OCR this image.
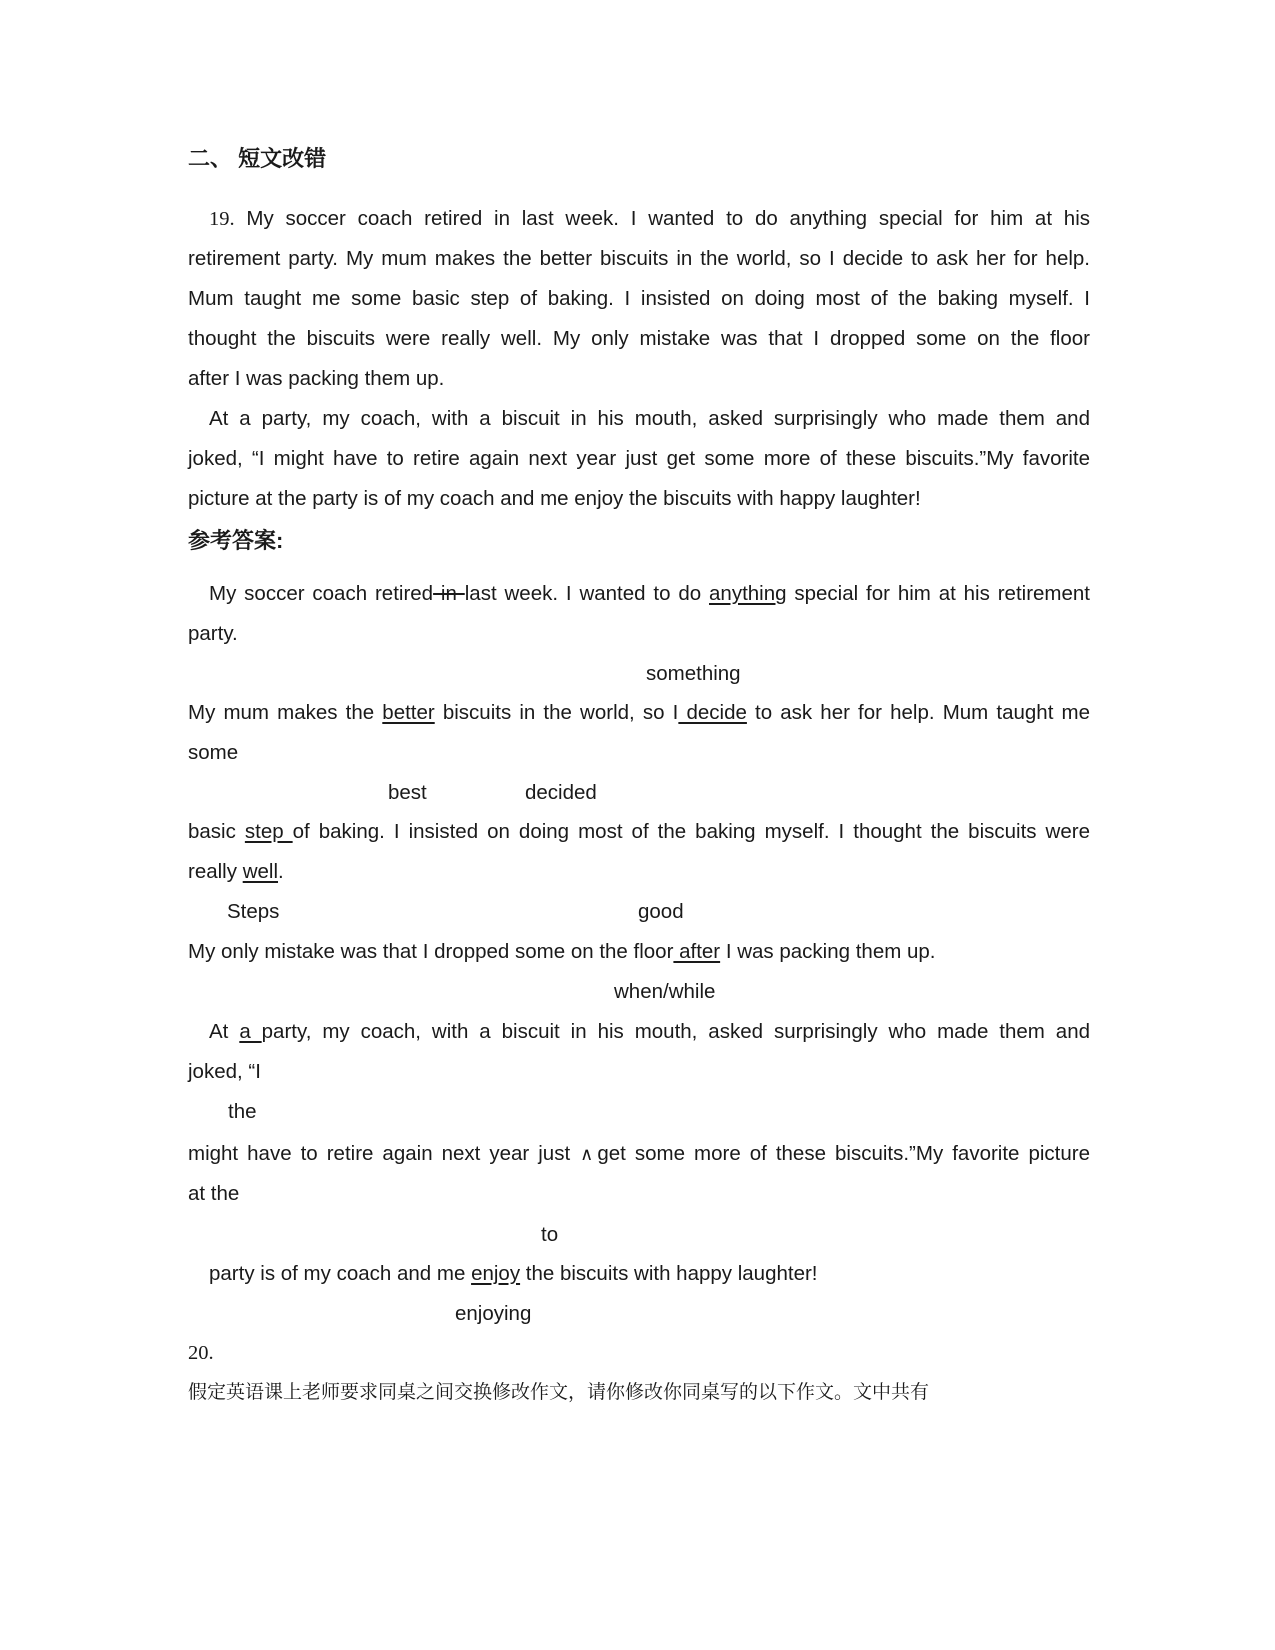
二、 短文改错

19. My soccer coach retired in last week. I wanted to do anything special for him at his

retirement party. My mum makes the better biscuits in the world, so I decide to ask her for help.

Mum taught me some basic step of baking. I insisted on doing most of the baking myself. I

thought the biscuits were really well. My only mistake was that I dropped some on the floor

after I was packing them up.

At a party, my coach, with a biscuit in his mouth, asked surprisingly who made them and

joked, “I might have to retire again next year just get some more of these biscuits.”My favorite

picture at the party is of my coach and me enjoy the biscuits with happy laughter!

参考答案:

My soccer coach retired in last week. I wanted to do anything special for him at his retirement

party.

something

My mum makes the better biscuits in the world, so I decide to ask her for help. Mum taught me

some

best	decided

basic step of baking. I insisted on doing most of the baking myself. I thought the biscuits were

really well.

Steps	good

My only mistake was that I dropped some on the floor after I was packing them up.

when/while

At a party, my coach, with a biscuit in his mouth, asked surprisingly who made them and

joked, “I

the

might have to retire again next year just ∧ get some more of these biscuits.”My favorite picture

at the

to

party is of my coach and me enjoy the biscuits with happy laughter!

enjoying

20.

假定英语课上老师要求同桌之间交换修改作文，请你修改你同桌写的以下作文。文中共有
